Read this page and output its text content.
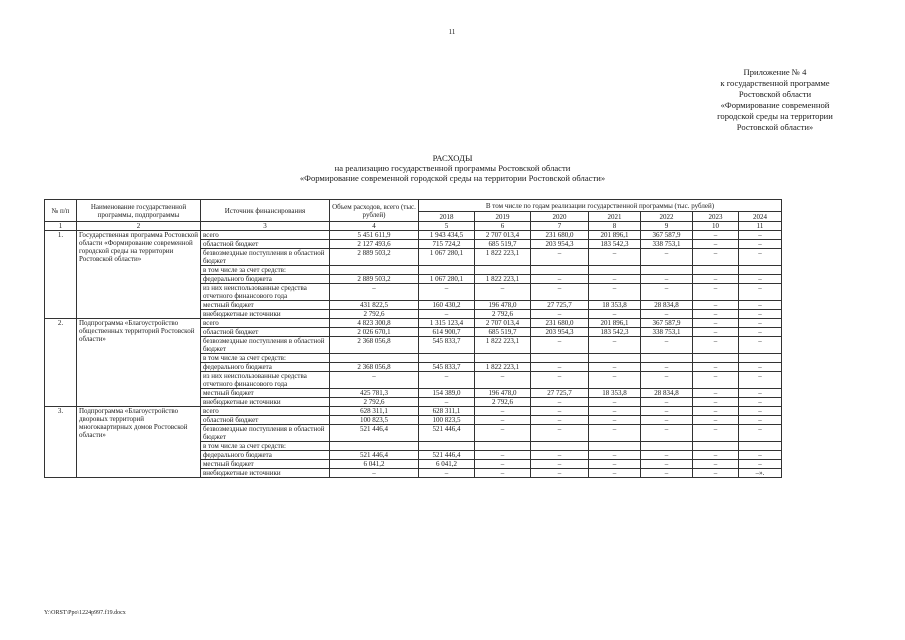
11
Приложение № 4
к государственной программе
Ростовской области
«Формирование современной
городской среды на территории
Ростовской области»
РАСХОДЫ
на реализацию государственной программы Ростовской области
«Формирование современной городской среды на территории Ростовской области»
№ п/п	Наименование государственной программы, подпрограммы	Источник финансирования	Объем расходов, всего (тыс. рублей)	В том числе по годам реализации государственной программы (тыс. рублей)						
				2018	2019	2020	2021	2022	2023	2024
1	2	3	4	5	6	7	8	9	10	11
1.	Государственная программа Ростовской области «Формирование современной городской среды на территории Ростовской области»	всего	5 451 611,9	1 943 434,5	2 707 013,4	231 680,0	201 896,1	367 587,9	–	–
		областной бюджет	2 127 493,6	715 724,2	685 519,7	203 954,3	183 542,3	338 753,1	–	–
		безвозмездные поступления в областной бюджет	2 889 503,2	1 067 280,1	1 822 223,1	–	–	–	–	–
		в том числе за счет средств:								
		федерального бюджета	2 889 503,2	1 067 280,1	1 822 223,1	–	–	–	–	–
		из них неиспользованные средства отчетного финансового года	–	–	–	–	–	–	–	–
		местный бюджет	431 822,5	160 430,2	196 478,0	27 725,7	18 353,8	28 834,8	–	–
		внебюджетные источники	2 792,6	–	2 792,6	–	–	–	–	–
2.	Подпрограмма «Благоустройство общественных территорий Ростовской области»	всего	4 823 300,8	1 315 123,4	2 707 013,4	231 680,0	201 896,1	367 587,9	–	–
		областной бюджет	2 026 670,1	614 900,7	685 519,7	203 954,3	183 542,3	338 753,1	–	–
		безвозмездные поступления в областной бюджет	2 368 056,8	545 833,7	1 822 223,1	–	–	–	–	–
		в том числе за счет средств:								
		федерального бюджета	2 368 056,8	545 833,7	1 822 223,1	–	–	–	–	–
		из них неиспользованные средства отчетного финансового года	–	–	–	–	–	–	–	–
		местный бюджет	425 781,3	154 389,0	196 478,0	27 725,7	18 353,8	28 834,8	–	–
		внебюджетные источники	2 792,6	–	2 792,6	–	–	–	–	–
3.	Подпрограмма «Благоустройство дворовых территорий многоквартирных домов Ростовской области»	всего	628 311,1	628 311,1	–	–	–	–	–	–
		областной бюджет	100 823,5	100 823,5	–	–	–	–	–	–
		безвозмездные поступления в областной бюджет	521 446,4	521 446,4	–	–	–	–	–	–
		в том числе за счет средств:								
		федерального бюджета	521 446,4	521 446,4	–	–	–	–	–	–
		местный бюджет	6 041,2	6 041,2	–	–	–	–	–	–
		внебюджетные источники	–	–	–	–	–	–	–	–».
Y:\ORST\Ppo\1224p997.f19.docx
